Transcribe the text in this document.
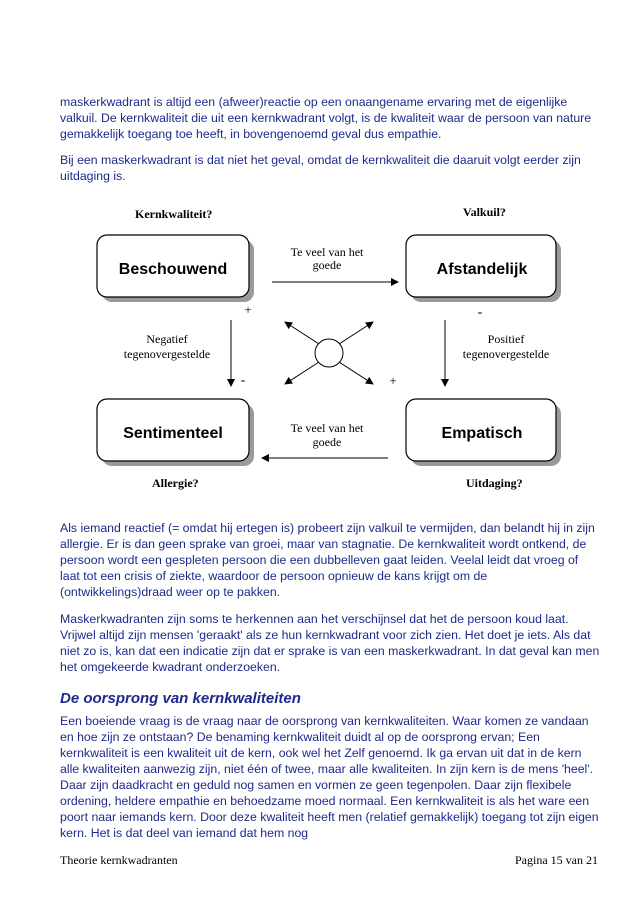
maskerkwadrant is altijd een (afweer)reactie op een onaangename ervaring met de eigenlijke valkuil. De kernkwaliteit die uit een kernkwadrant volgt, is de kwaliteit waar de persoon van nature gemakkelijk toegang toe heeft, in bovengenoemd geval dus empathie.

Bij een maskerkwadrant is dat niet het geval, omdat de kernkwaliteit die daaruit volgt eerder zijn uitdaging is.

Kernkwaliteit?	Valkuil?
Beschouwend	Afstandelijk
Sentimenteel	Empatisch
Te veel van het
goede
Te veel van het
goede
Negatief
tegenovergestelde
Positief
tegenovergestelde
+	-
-	+
Allergie?	Uitdaging?

Als iemand reactief (= omdat hij ertegen is) probeert zijn valkuil te vermijden, dan belandt hij in zijn allergie. Er is dan geen sprake van groei, maar van stagnatie. De kernkwaliteit wordt ontkend, de persoon wordt een gespleten persoon die een dubbelleven gaat leiden. Veelal leidt dat vroeg of laat tot een crisis of ziekte, waardoor de persoon opnieuw de kans krijgt om de (ontwikkelings)draad weer op te pakken.

Maskerkwadranten zijn soms te herkennen aan het verschijnsel dat het de persoon koud laat. Vrijwel altijd zijn mensen 'geraakt' als ze hun kernkwadrant voor zich zien. Het doet je iets. Als dat niet zo is, kan dat een indicatie zijn dat er sprake is van een maskerkwadrant. In dat geval kan men het omgekeerde kwadrant onderzoeken.

De oorsprong van kernkwaliteiten

Een boeiende vraag is de vraag naar de oorsprong van kernkwaliteiten. Waar komen ze vandaan en hoe zijn ze ontstaan? De benaming kernkwaliteit duidt al op de oorsprong ervan; Een kernkwaliteit is een kwaliteit uit de kern, ook wel het Zelf genoemd. Ik ga ervan uit dat in de kern alle kwaliteiten aanwezig zijn, niet één of twee, maar alle kwaliteiten. In zijn kern is de mens 'heel'. Daar zijn daadkracht en geduld nog samen en vormen ze geen tegenpolen. Daar zijn flexibele ordening, heldere empathie en behoedzame moed normaal. Een kernkwaliteit is als het ware een poort naar iemands kern. Door deze kwaliteit heeft men (relatief gemakkelijk) toegang tot zijn eigen kern. Het is dat deel van iemand dat hem nog

Theorie kernkwadranten	Pagina 15 van 21
